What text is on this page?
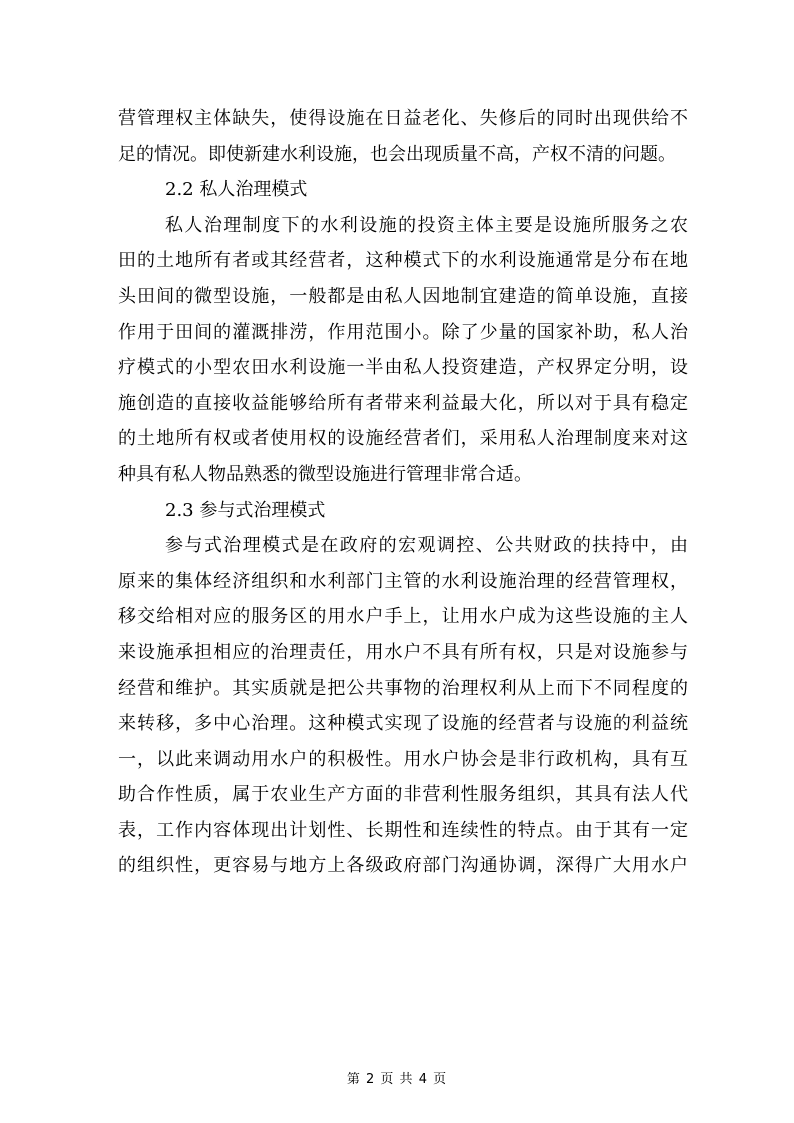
营管理权主体缺失，使得设施在日益老化、失修后的同时出现供给不
足的情况。即使新建水利设施，也会出现质量不高，产权不清的问题。
2.2 私人治理模式
私人治理制度下的水利设施的投资主体主要是设施所服务之农
田的土地所有者或其经营者，这种模式下的水利设施通常是分布在地
头田间的微型设施，一般都是由私人因地制宜建造的简单设施，直接
作用于田间的灌溉排涝，作用范围小。除了少量的国家补助，私人治
疗模式的小型农田水利设施一半由私人投资建造，产权界定分明，设
施创造的直接收益能够给所有者带来利益最大化，所以对于具有稳定
的土地所有权或者使用权的设施经营者们，采用私人治理制度来对这
种具有私人物品熟悉的微型设施进行管理非常合适。
2.3 参与式治理模式
参与式治理模式是在政府的宏观调控、公共财政的扶持中，由
原来的集体经济组织和水利部门主管的水利设施治理的经营管理权，
移交给相对应的服务区的用水户手上，让用水户成为这些设施的主人
来设施承担相应的治理责任，用水户不具有所有权，只是对设施参与
经营和维护。其实质就是把公共事物的治理权利从上而下不同程度的
来转移，多中心治理。这种模式实现了设施的经营者与设施的利益统
一，以此来调动用水户的积极性。用水户协会是非行政机构，具有互
助合作性质，属于农业生产方面的非营利性服务组织，其具有法人代
表，工作内容体现出计划性、长期性和连续性的特点。由于其有一定
的组织性，更容易与地方上各级政府部门沟通协调，深得广大用水户
第 2 页 共 4 页
